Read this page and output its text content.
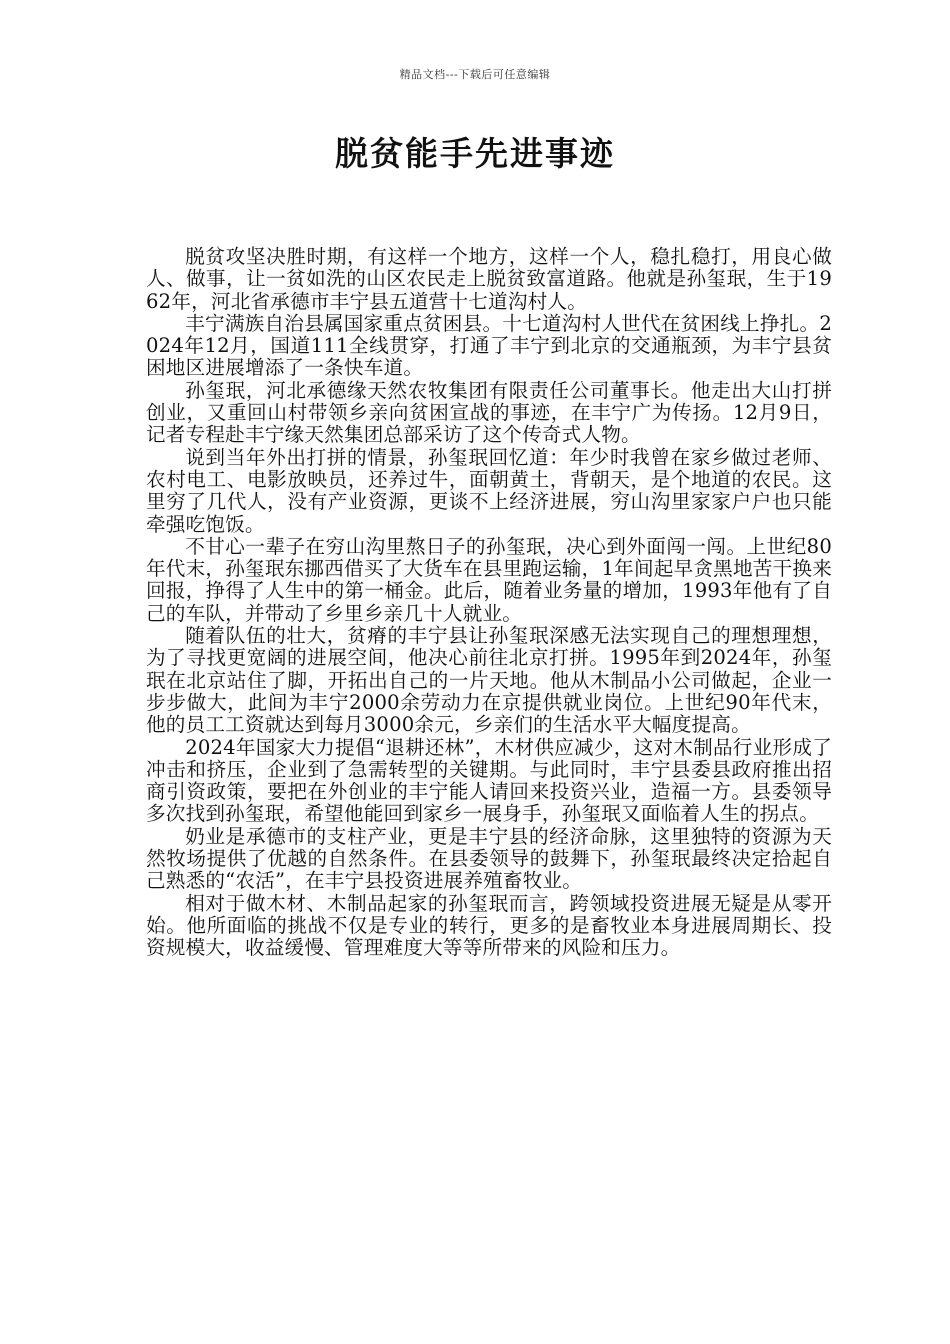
精品文档---下载后可任意编辑
脱贫能手先进事迹

脱贫攻坚决胜时期，有这样一个地方，这样一个人，稳扎稳打，用良心做人、做事，让一贫如洗的山区农民走上脱贫致富道路。他就是孙玺珉，生于1962年，河北省承德市丰宁县五道营十七道沟村人。

丰宁满族自治县属国家重点贫困县。十七道沟村人世代在贫困线上挣扎。2024年12月，国道111全线贯穿，打通了丰宁到北京的交通瓶颈，为丰宁县贫困地区进展增添了一条快车道。

孙玺珉，河北承德缘天然农牧集团有限责任公司董事长。他走出大山打拼创业，又重回山村带领乡亲向贫困宣战的事迹，在丰宁广为传扬。12月9日，记者专程赴丰宁缘天然集团总部采访了这个传奇式人物。

说到当年外出打拼的情景，孙玺珉回忆道：年少时我曾在家乡做过老师、农村电工、电影放映员，还养过牛，面朝黄土，背朝天，是个地道的农民。这里穷了几代人，没有产业资源，更谈不上经济进展，穷山沟里家家户户也只能牵强吃饱饭。

不甘心一辈子在穷山沟里熬日子的孙玺珉，决心到外面闯一闯。上世纪80年代末，孙玺珉东挪西借买了大货车在县里跑运输，1年间起早贪黑地苦干换来回报，挣得了人生中的第一桶金。此后，随着业务量的增加，1993年他有了自己的车队，并带动了乡里乡亲几十人就业。

随着队伍的壮大，贫瘠的丰宁县让孙玺珉深感无法实现自己的理想理想，为了寻找更宽阔的进展空间，他决心前往北京打拼。1995年到2024年，孙玺珉在北京站住了脚，开拓出自己的一片天地。他从木制品小公司做起，企业一步步做大，此间为丰宁2000余劳动力在京提供就业岗位。上世纪90年代末，他的员工工资就达到每月3000余元，乡亲们的生活水平大幅度提高。

2024年国家大力提倡“退耕还林”，木材供应减少，这对木制品行业形成了冲击和挤压，企业到了急需转型的关键期。与此同时，丰宁县委县政府推出招商引资政策，要把在外创业的丰宁能人请回来投资兴业，造福一方。县委领导多次找到孙玺珉，希望他能回到家乡一展身手，孙玺珉又面临着人生的拐点。

奶业是承德市的支柱产业，更是丰宁县的经济命脉，这里独特的资源为天然牧场提供了优越的自然条件。在县委领导的鼓舞下，孙玺珉最终决定拾起自己熟悉的“农活”，在丰宁县投资进展养殖畜牧业。

相对于做木材、木制品起家的孙玺珉而言，跨领域投资进展无疑是从零开始。他所面临的挑战不仅是专业的转行，更多的是畜牧业本身进展周期长、投资规模大，收益缓慢、管理难度大等等所带来的风险和压力。
